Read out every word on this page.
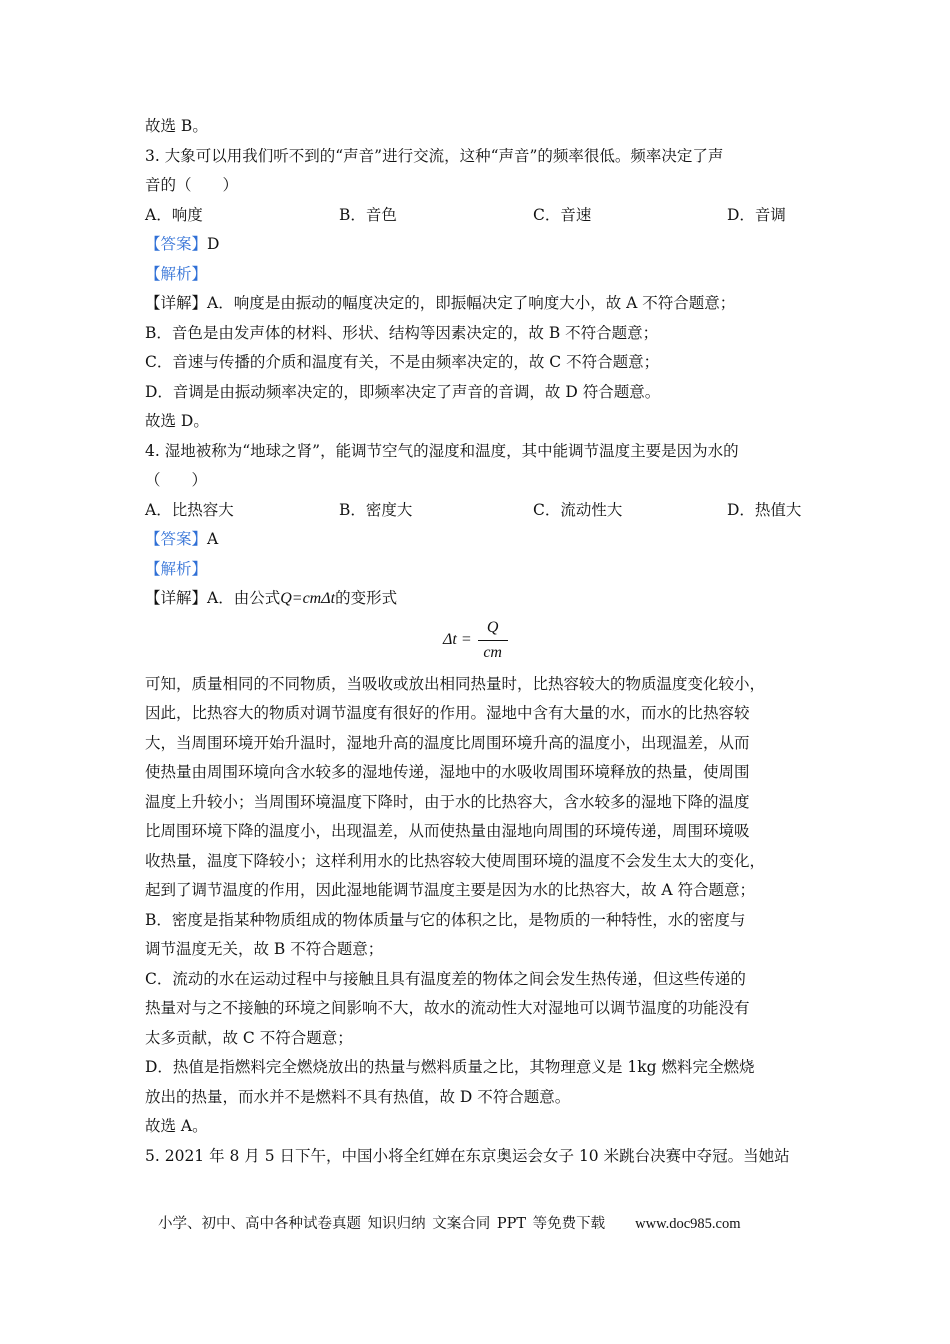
故选 B。
3. 大象可以用我们听不到的“声音”进行交流，这种“声音”的频率很低。频率决定了声
音的（　　）
A．响度	B．音色	C．音速	D．音调
【答案】D
【解析】
【详解】A．响度是由振动的幅度决定的，即振幅决定了响度大小，故 A 不符合题意；
B．音色是由发声体的材料、形状、结构等因素决定的，故 B 不符合题意；
C．音速与传播的介质和温度有关，不是由频率决定的，故 C 不符合题意；
D．音调是由振动频率决定的，即频率决定了声音的音调，故 D 符合题意。
故选 D。
4. 湿地被称为“地球之肾”，能调节空气的湿度和温度，其中能调节温度主要是因为水的
（　　）
A．比热容大	B．密度大	C．流动性大	D．热值大
【答案】A
【解析】
【详解】A．由公式Q=cmΔt的变形式
$\Delta t = \frac{Q}{cm}$
可知，质量相同的不同物质，当吸收或放出相同热量时，比热容较大的物质温度变化较小，
因此，比热容大的物质对调节温度有很好的作用。湿地中含有大量的水，而水的比热容较
大，当周围环境开始升温时，湿地升高的温度比周围环境升高的温度小，出现温差，从而
使热量由周围环境向含水较多的湿地传递，湿地中的水吸收周围环境释放的热量，使周围
温度上升较小；当周围环境温度下降时，由于水的比热容大，含水较多的湿地下降的温度
比周围环境下降的温度小，出现温差，从而使热量由湿地向周围的环境传递，周围环境吸
收热量，温度下降较小；这样利用水的比热容较大使周围环境的温度不会发生太大的变化，
起到了调节温度的作用，因此湿地能调节温度主要是因为水的比热容大，故 A 符合题意；
B．密度是指某种物质组成的物体质量与它的体积之比，是物质的一种特性，水的密度与
调节温度无关，故 B 不符合题意；
C．流动的水在运动过程中与接触且具有温度差的物体之间会发生热传递，但这些传递的
热量对与之不接触的环境之间影响不大，故水的流动性大对湿地可以调节温度的功能没有
太多贡献，故 C 不符合题意；
D．热值是指燃料完全燃烧放出的热量与燃料质量之比，其物理意义是 1kg 燃料完全燃烧
放出的热量，而水并不是燃料不具有热值，故 D 不符合题意。
故选 A。
5. 2021 年 8 月 5 日下午，中国小将全红婵在东京奥运会女子 10 米跳台决赛中夺冠。当她站
小学、初中、高中各种试卷真题 知识归纳 文案合同 PPT 等免费下载 www.doc985.com
